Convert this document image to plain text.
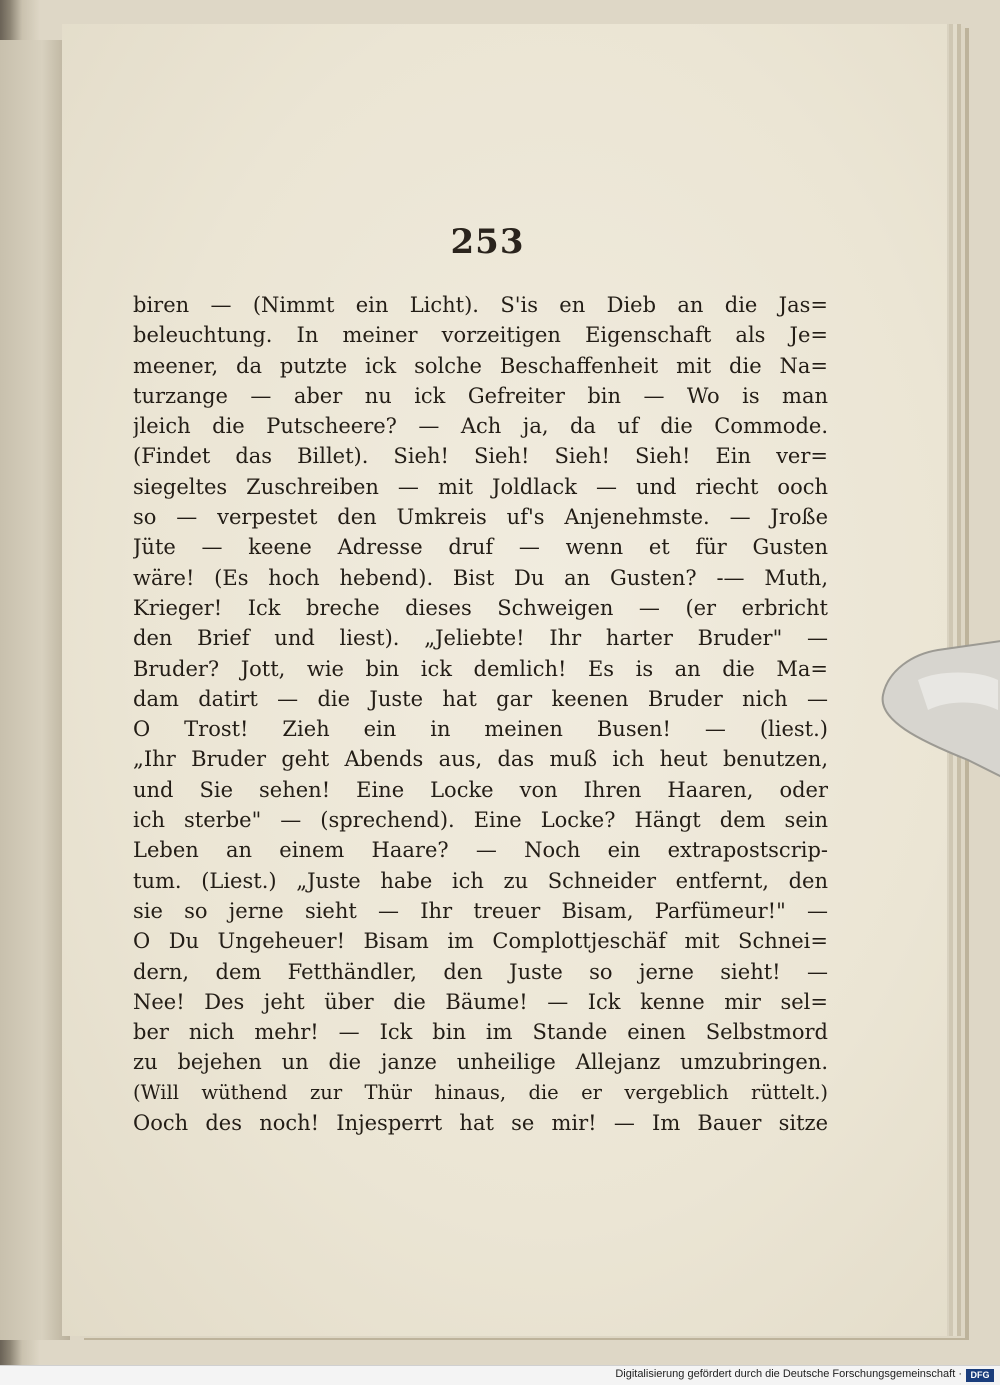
253
biren — (Nimmt ein Licht). S'is en Dieb an die Jas=
beleuchtung. In meiner vorzeitigen Eigenschaft als Je=
meener, da putzte ick solche Beschaffenheit mit die Na=
turzange — aber nu ick Gefreiter bin — Wo is man
jleich die Putscheere? — Ach ja, da uf die Commode.
(Findet das Billet). Sieh! Sieh! Sieh! Sieh! Ein ver=
siegeltes Zuschreiben — mit Joldlack — und riecht ooch
so — verpestet den Umkreis uf's Anjenehmste. — Jroße
Jüte — keene Adresse druf — wenn et für Gusten
wäre! (Es hoch hebend). Bist Du an Gusten? -— Muth,
Krieger! Ick breche dieses Schweigen — (er erbricht
den Brief und liest). „Jeliebte! Ihr harter Bruder" —
Bruder? Jott, wie bin ick demlich! Es is an die Ma=
dam datirt — die Juste hat gar keenen Bruder nich —
O Trost! Zieh ein in meinen Busen! — (liest.)
„Ihr Bruder geht Abends aus, das muß ich heut benutzen,
und Sie sehen! Eine Locke von Ihren Haaren, oder
ich sterbe" — (sprechend). Eine Locke? Hängt dem sein
Leben an einem Haare? — Noch ein extrapostscrip-
tum. (Liest.) „Juste habe ich zu Schneider entfernt, den
sie so jerne sieht — Ihr treuer Bisam, Parfümeur!" —
O Du Ungeheuer! Bisam im Complottjeschäf mit Schnei=
dern, dem Fetthändler, den Juste so jerne sieht! —
Nee! Des jeht über die Bäume! — Ick kenne mir sel=
ber nich mehr! — Ick bin im Stande einen Selbstmord
zu bejehen un die janze unheilige Allejanz umzubringen.
(Will wüthend zur Thür hinaus, die er vergeblich rüttelt.)
Ooch des noch! Injesperrt hat se mir! — Im Bauer sitze
Digitalisierung gefördert durch die Deutsche Forschungsgemeinschaft · DFG
